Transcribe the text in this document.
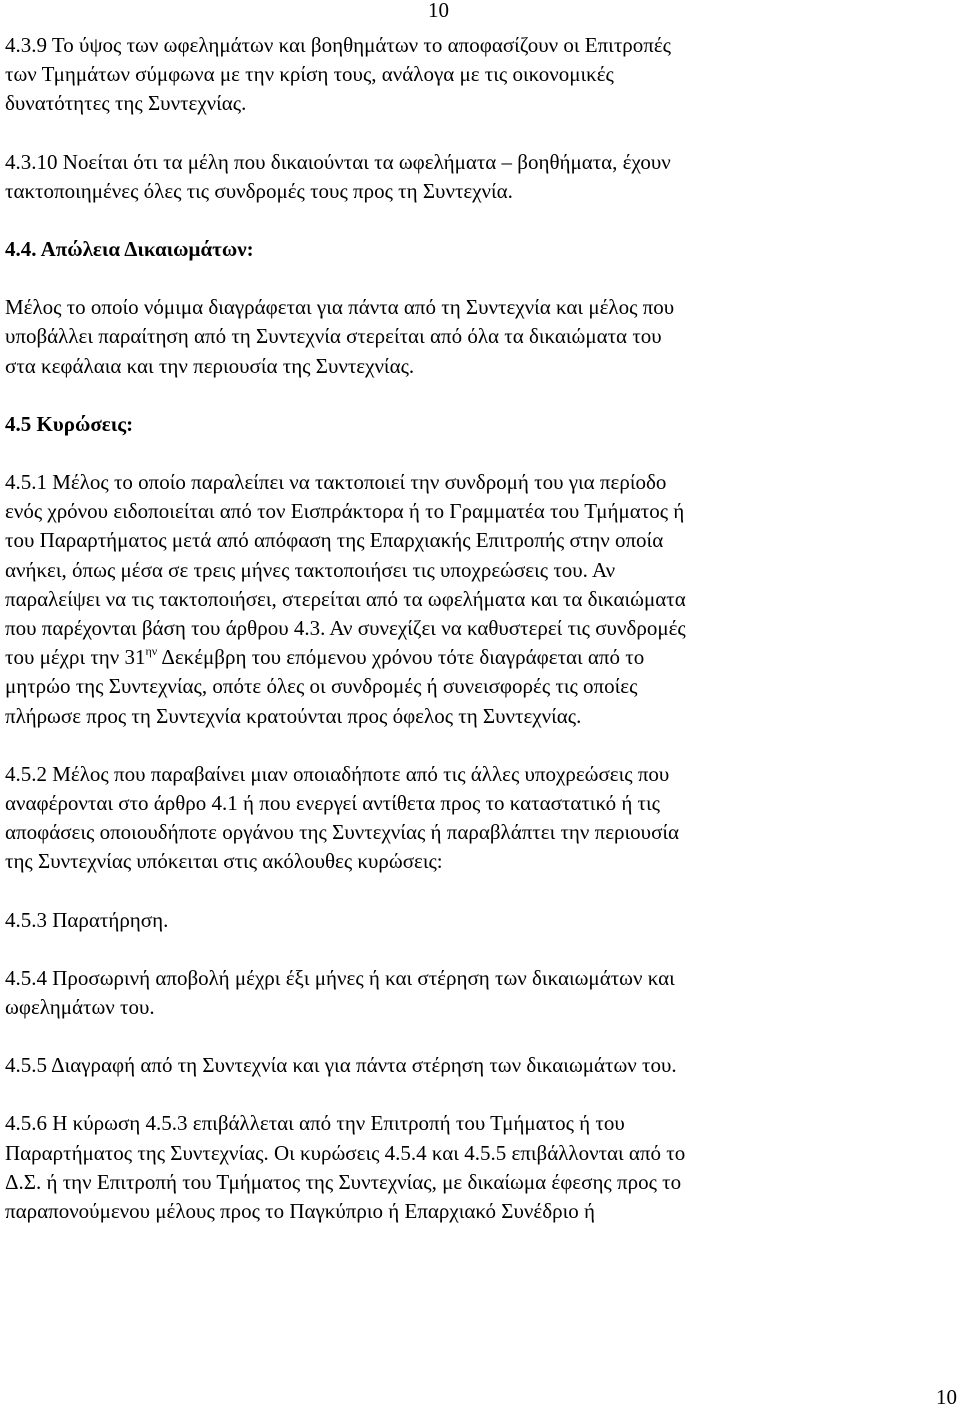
10
4.3.9 Το ύψος των ωφελημάτων και βοηθημάτων το αποφασίζουν οι Επιτροπές
των Τμημάτων σύμφωνα με την κρίση τους, ανάλογα με τις οικονομικές
δυνατότητες της Συντεχνίας.
4.3.10 Νοείται ότι τα μέλη που δικαιούνται τα ωφελήματα – βοηθήματα, έχουν
τακτοποιημένες όλες τις συνδρομές τους προς τη Συντεχνία.
4.4. Απώλεια Δικαιωμάτων:
Μέλος το οποίο νόμιμα διαγράφεται για πάντα από τη Συντεχνία και μέλος που
υποβάλλει παραίτηση από τη Συντεχνία στερείται από όλα τα δικαιώματα του
στα κεφάλαια και την περιουσία της Συντεχνίας.
4.5 Κυρώσεις:
4.5.1 Μέλος το οποίο παραλείπει να τακτοποιεί την συνδρομή του για περίοδο
ενός χρόνου ειδοποιείται από τον Εισπράκτορα ή το Γραμματέα του Τμήματος ή
του Παραρτήματος μετά από απόφαση της Επαρχιακής Επιτροπής στην οποία
ανήκει, όπως μέσα σε τρεις μήνες τακτοποιήσει τις υποχρεώσεις του. Αν
παραλείψει να τις τακτοποιήσει, στερείται από τα ωφελήματα και τα δικαιώματα
που παρέχονται βάση του άρθρου 4.3. Αν συνεχίζει να καθυστερεί τις συνδρομές
του μέχρι την $31^{\eta\nu}$ Δεκέμβρη του επόμενου χρόνου τότε διαγράφεται από το
μητρώο της Συντεχνίας, οπότε όλες οι συνδρομές ή συνεισφορές τις οποίες
πλήρωσε προς τη Συντεχνία κρατούνται προς όφελος τη Συντεχνίας.
4.5.2 Μέλος που παραβαίνει μιαν οποιαδήποτε από τις άλλες υποχρεώσεις που
αναφέρονται στο άρθρο 4.1 ή που ενεργεί αντίθετα προς το καταστατικό ή τις
αποφάσεις οποιουδήποτε οργάνου της Συντεχνίας ή παραβλάπτει την περιουσία
της Συντεχνίας υπόκειται στις ακόλουθες κυρώσεις:
4.5.3 Παρατήρηση.
4.5.4 Προσωρινή αποβολή μέχρι έξι μήνες ή και στέρηση των δικαιωμάτων και
ωφελημάτων του.
4.5.5 Διαγραφή από τη Συντεχνία και για πάντα στέρηση των δικαιωμάτων του.
4.5.6 Η κύρωση 4.5.3 επιβάλλεται από την Επιτροπή του Τμήματος ή του
Παραρτήματος της Συντεχνίας. Οι κυρώσεις 4.5.4 και 4.5.5 επιβάλλονται από το
Δ.Σ. ή την Επιτροπή του Τμήματος της Συντεχνίας, με δικαίωμα έφεσης προς το
παραπονούμενου μέλους προς το Παγκύπριο ή Επαρχιακό Συνέδριο ή
10
